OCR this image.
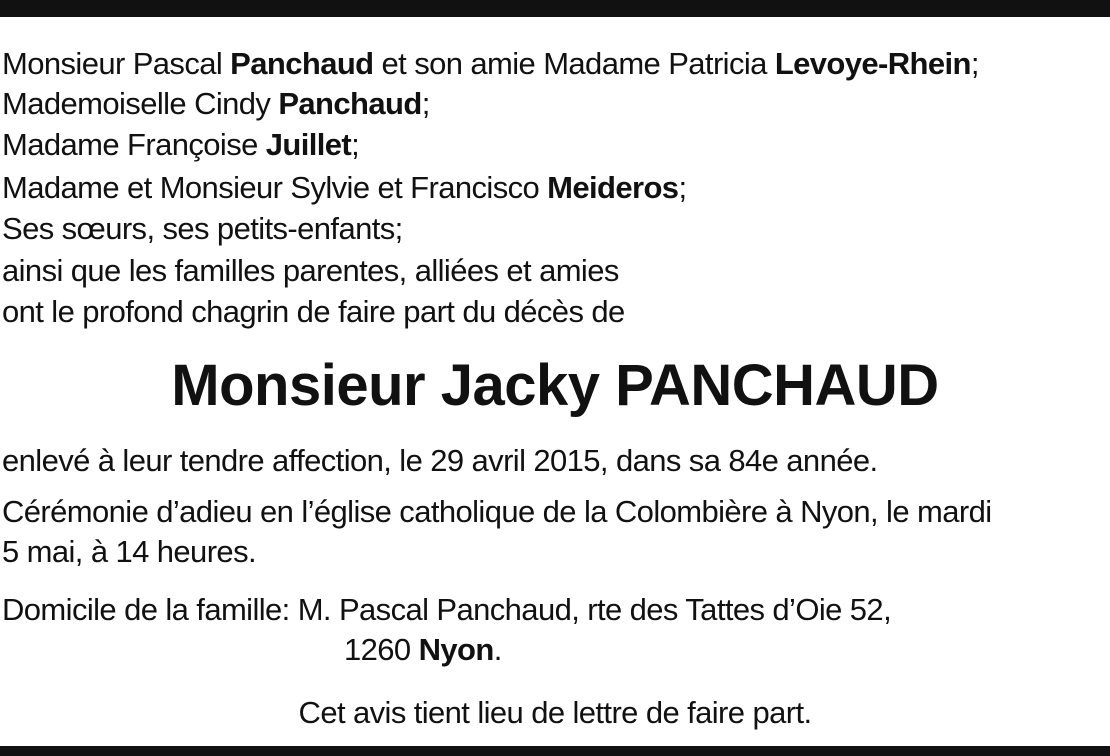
Monsieur Pascal Panchaud et son amie Madame Patricia Levoye-Rhein;
Mademoiselle Cindy Panchaud;
Madame Françoise Juillet;
Madame et Monsieur Sylvie et Francisco Meideros;
Ses sœurs, ses petits-enfants;
ainsi que les familles parentes, alliées et amies
ont le profond chagrin de faire part du décès de
Monsieur Jacky PANCHAUD
enlevé à leur tendre affection, le 29 avril 2015, dans sa 84e année.
Cérémonie d’adieu en l’église catholique de la Colombière à Nyon, le mardi
5 mai, à 14 heures.
Domicile de la famille: M. Pascal Panchaud, rte des Tattes d’Oie 52,
1260 Nyon.
Cet avis tient lieu de lettre de faire part.
